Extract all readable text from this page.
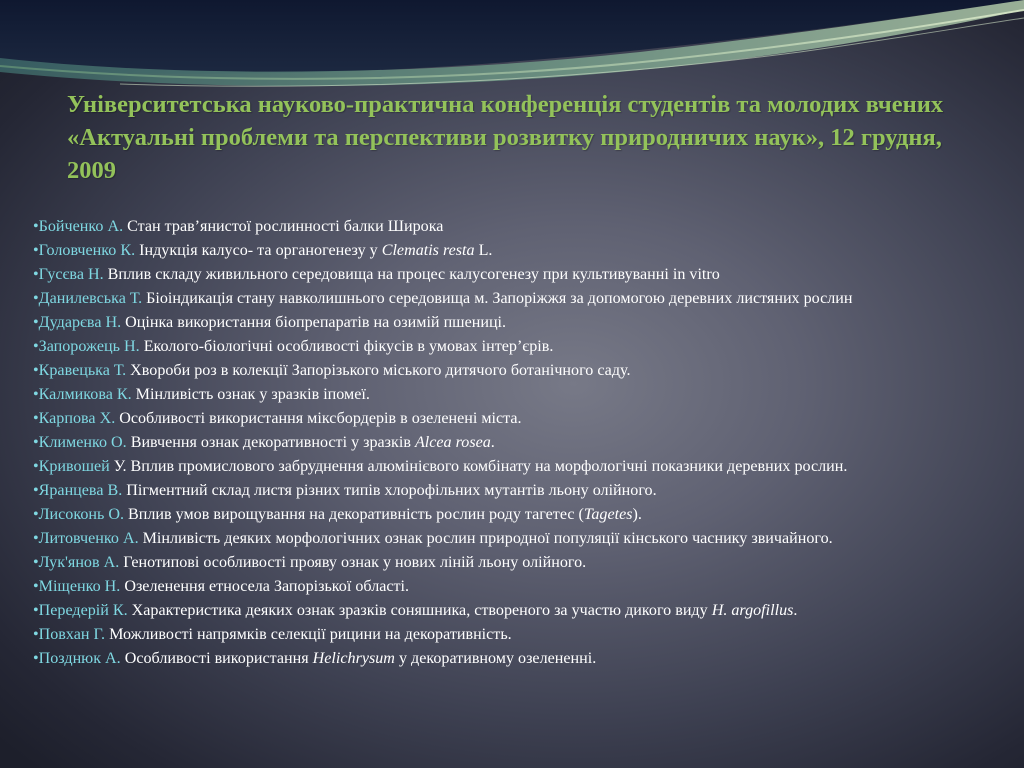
Університетська науково-практична конференція студентів та молодих вчених «Актуальні проблеми та перспективи розвитку природничих наук», 12 грудня, 2009
•Бойченко А. Стан трав’янистої рослинності балки Широка
•Головченко К. Індукція калусо- та органогенезу у Clematis resta L.
•Гусєва Н. Вплив складу живильного середовища на процес калусогенезу при культивуванні in vitro
•Данилевська Т. Біоіндикація стану навколишнього середовища м. Запоріжжя за допомогою деревних листяних рослин
•Дударєва Н. Оцінка використання біопрепаратів на озимій пшениці.
•Запорожець Н. Еколого-біологічні особливості фікусів в умовах інтер’єрів.
•Кравецька Т. Хвороби роз в колекції Запорізького міського дитячого ботанічного саду.
•Калмикова К. Мінливість ознак у зразків іпомеї.
•Карпова Х. Особливості використання міксбордерів в озеленені міста.
•Клименко О. Вивчення ознак декоративності у зразків Alcea rosea.
•Кривошей У. Вплив промислового забруднення алюмінієвого комбінату на морфологічні показники деревних рослин.
•Яранцева В. Пігментний склад листя різних типів хлорофільних мутантів льону олійного.
•Лисоконь О. Вплив умов вирощування на декоративність рослин роду тагетес (Tagetes).
•Литовченко А. Мінливість деяких морфологічних ознак рослин природної популяції кінського часнику звичайного.
•Лук'янов А. Генотипові особливості прояву ознак у нових ліній льону олійного.
•Міщенко Н. Озеленення етносела Запорізької області.
•Передерій К. Характеристика деяких ознак зразків соняшника, створеного за участю дикого виду H. argofillus.
•Повхан Г. Можливості напрямків селекції рицини на декоративність.
•Позднюк А. Особливості використання Helichrysum у декоративному озелененні.
